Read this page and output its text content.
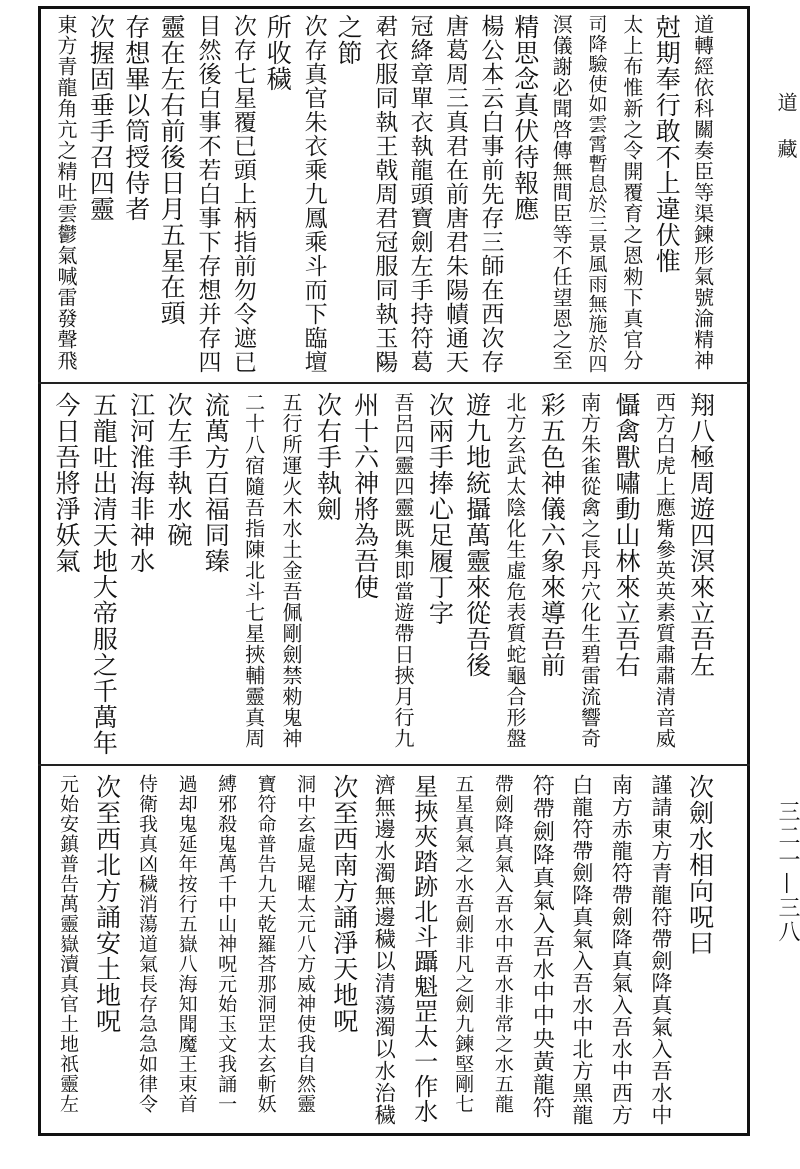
道 藏
三二一—三八
道轉經依科關奏臣等渠鍊形氣號淪精神
尅期奉行敢不上違伏惟
太上布惟新之令開覆育之恩勑下真官分
司降驗使如雲霄暫息於三景風雨無施於四
溟儀謝必聞啓傳無間臣等不任望恩之至
精思念真伏待報應
楊公本云白事前先存三師在西次存
唐葛周三真君在前唐君朱陽幘通天
冠絳章單衣執龍頭寶劍左手持符葛
君衣服同執王戟周君冠服同執玉陽
之節
次存真官朱衣乘九鳳乘斗而下臨壇
所收穢
次存七星覆已頭上柄指前勿令遮已
目然後白事不若白事下存想并存四
靈在左右前後日月五星在頭
存想畢以筒授侍者
次握固垂手召四靈
東方青龍角亢之精吐雲鬱氣喊雷發聲飛
翔八極周遊四溟來立吾左
西方白虎上應觜參英英素質肅肅清音威
懾禽獸嘯動山林來立吾右
南方朱雀從禽之長丹穴化生碧雷流響奇
彩五色神儀六象來導吾前
北方玄武太陰化生虛危表質蛇龜合形盤
遊九地統攝萬靈來從吾後
次兩手捧心足履丁字
吾呂四靈四靈既集即當遊帶日挾月行九
州十六神將為吾使
次右手執劍
五行所運火木水土金吾佩剛劍禁勑鬼神
二十八宿隨吾指陳北斗七星挾輔靈真周
流萬方百福同臻
次左手執水碗
江河淮海非神水
五龍吐出清天地大帝服之千萬年
今日吾將淨妖氣
次劍水相向呪曰
謹請東方青龍符帶劍降真氣入吾水中
南方赤龍符帶劍降真氣入吾水中西方
白龍符帶劍降真氣入吾水中北方黑龍
符帶劍降真氣入吾水中中央黃龍符
帶劍降真氣入吾水中吾水非常之水五龍
五星真氣之水吾劍非凡之劍九鍊堅剛七
星挾夾踏跡北斗躡魁罡太一作水
濟無邊水濁無邊穢以清蕩濁以水治穢
次至西南方誦淨天地呪
洞中玄虛晃曜太元八方威神使我自然靈
寶符命普告九天乾羅荅那洞罡太玄斬妖
縛邪殺鬼萬千中山神呪元始玉文我誦一
過却鬼延年按行五嶽八海知聞魔王束首
侍衛我真凶穢消蕩道氣長存急急如律令
次至西北方誦安土地呪
元始安鎮普告萬靈嶽瀆真官土地祇靈左
